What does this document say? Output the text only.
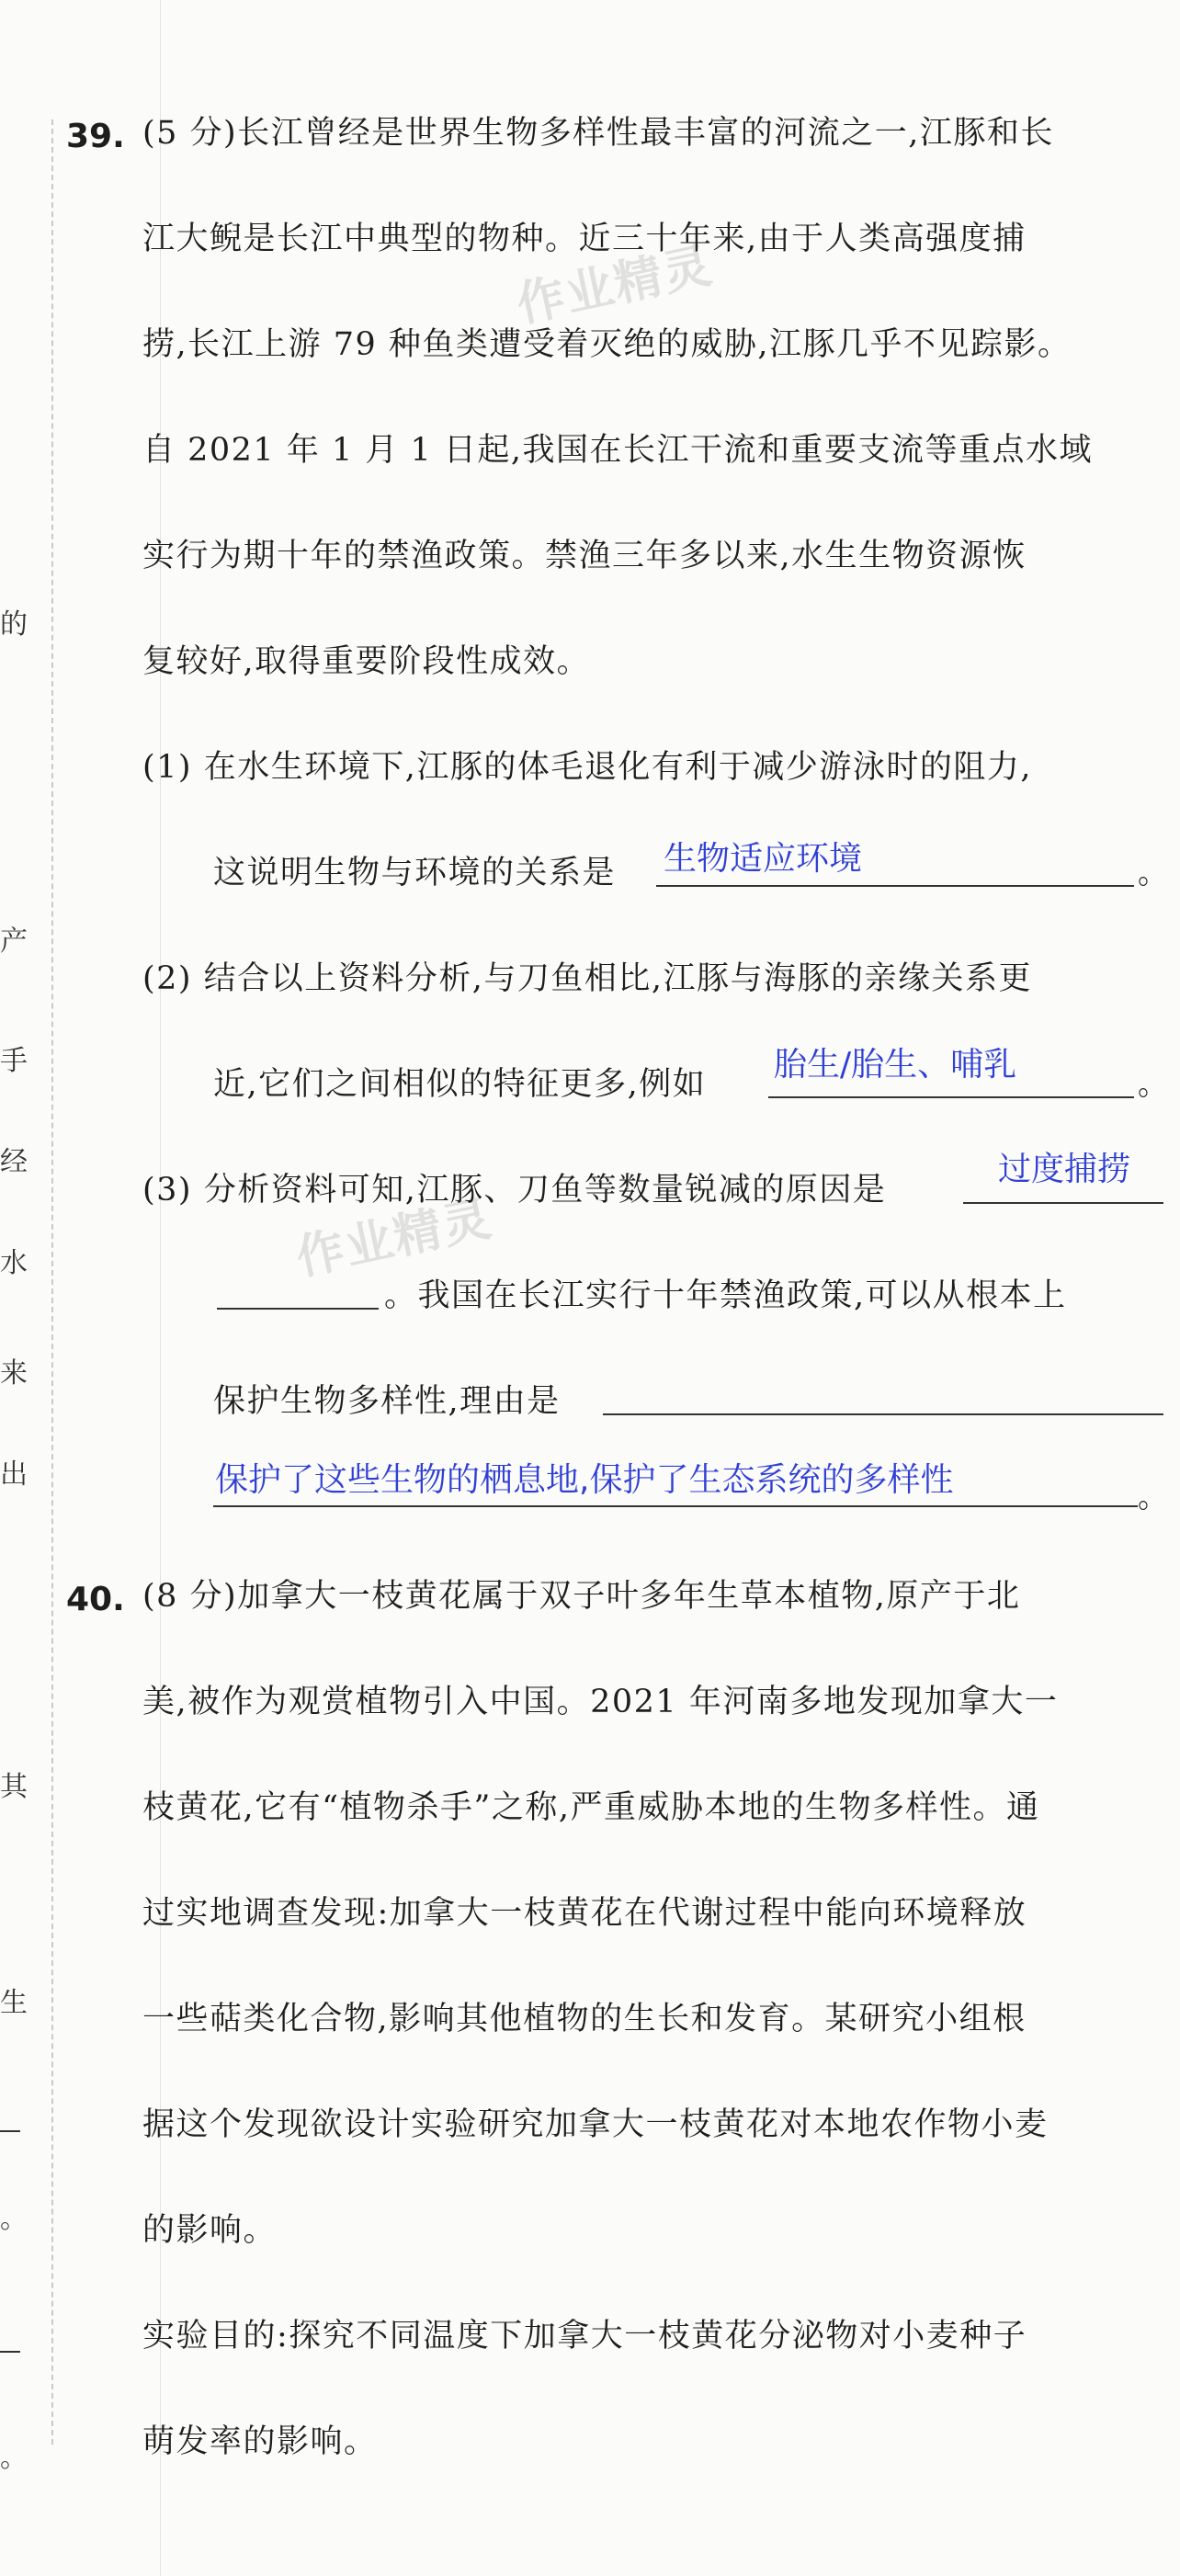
的
产
手
经
水
来
出
其
生
。
。
作业精灵
作业精灵
39. (5 分)长江曾经是世界生物多样性最丰富的河流之一,江豚和长
江大鲵是长江中典型的物种。近三十年来,由于人类高强度捕
捞,长江上游 79 种鱼类遭受着灭绝的威胁,江豚几乎不见踪影。
自 2021 年 1 月 1 日起,我国在长江干流和重要支流等重点水域
实行为期十年的禁渔政策。禁渔三年多以来,水生生物资源恢
复较好,取得重要阶段性成效。
(1) 在水生环境下,江豚的体毛退化有利于减少游泳时的阻力,
这说明生物与环境的关系是 生物适应环境	。
(2) 结合以上资料分析,与刀鱼相比,江豚与海豚的亲缘关系更
近,它们之间相似的特征更多,例如
胎生/胎生、哺乳
。
(3) 分析资料可知,江豚、刀鱼等数量锐减的原因是
过度捕捞
。我国在长江实行十年禁渔政策,可以从根本上
保护生物多样性,理由是
保护了这些生物的栖息地,保护了生态系统的多样性	。
40. (8 分)加拿大一枝黄花属于双子叶多年生草本植物,原产于北
美,被作为观赏植物引入中国。2021 年河南多地发现加拿大一
枝黄花,它有“植物杀手”之称,严重威胁本地的生物多样性。通
过实地调查发现:加拿大一枝黄花在代谢过程中能向环境释放
一些萜类化合物,影响其他植物的生长和发育。某研究小组根
据这个发现欲设计实验研究加拿大一枝黄花对本地农作物小麦
的影响。
实验目的:探究不同温度下加拿大一枝黄花分泌物对小麦种子
萌发率的影响。
